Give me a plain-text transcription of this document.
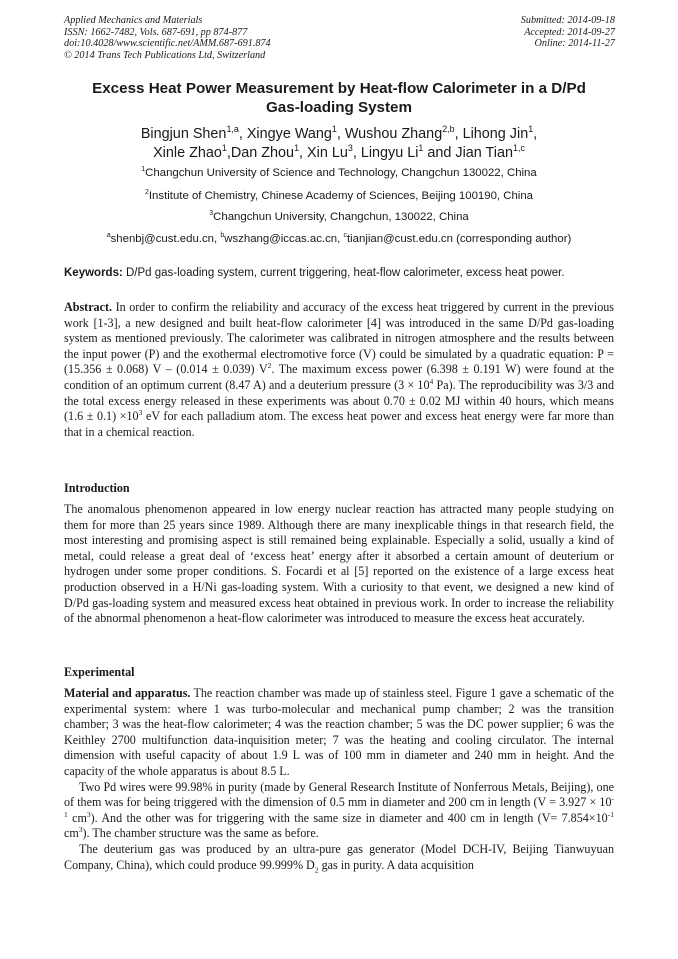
Applied Mechanics and Materials
ISSN: 1662-7482, Vols. 687-691, pp 874-877
doi:10.4028/www.scientific.net/AMM.687-691.874
© 2014 Trans Tech Publications Ltd, Switzerland
Submitted: 2014-09-18
Accepted: 2014-09-27
Online: 2014-11-27
Excess Heat Power Measurement by Heat-flow Calorimeter in a D/Pd
Gas-loading System
Bingjun Shen$^{1,a}$, Xingye Wang$^1$, Wushou Zhang$^{2,b}$, Lihong Jin$^1$,
Xinle Zhao$^1$,Dan Zhou$^1$, Xin Lu$^3$, Lingyu Li$^1$ and Jian Tian$^{1,c}$
$^1$Changchun University of Science and Technology, Changchun 130022, China
$^2$Institute of Chemistry, Chinese Academy of Sciences, Beijing 100190, China
$^3$Changchun University, Changchun, 130022, China
$^a$shenbj@cust.edu.cn, $^b$wszhang@iccas.ac.cn, $^c$tianjian@cust.edu.cn (corresponding author)
Keywords: D/Pd gas-loading system, current triggering, heat-flow calorimeter, excess heat power.

Abstract. In order to confirm the reliability and accuracy of the excess heat triggered by current in the previous work [1-3], a new designed and built heat-flow calorimeter [4] was introduced in the same D/Pd gas-loading system as mentioned previously. The calorimeter was calibrated in nitrogen atmosphere and the results between the input power (P) and the exothermal electromotive force (V) could be simulated by a quadratic equation: P = (15.356 ± 0.068) V – (0.014 ± 0.039) $V^2$. The maximum excess power (6.398 ± 0.191 W) were found at the condition of an optimum current (8.47 A) and a deuterium pressure ($3 \times 10^4$ Pa). The reproducibility was 3/3 and the total excess energy released in these experiments was about 0.70 ± 0.02 MJ within 40 hours, which means $(1.6 \pm 0.1) \times 10^3$ eV for each palladium atom. The excess heat power and excess heat energy were far more than that in a chemical reaction.

Introduction

The anomalous phenomenon appeared in low energy nuclear reaction has attracted many people studying on them for more than 25 years since 1989. Although there are many inexplicable things in that research field, the most interesting and promising aspect is still remained being explainable. Especially a solid, usually a kind of metal, could release a great deal of ‘excess heat’ energy after it absorbed a certain amount of deuterium or hydrogen under some proper conditions. S. Focardi et al [5] reported on the existence of a large excess heat production observed in a H/Ni gas-loading system. With a curiosity to that event, we designed a new kind of D/Pd gas-loading system and measured excess heat obtained in previous work. In order to increase the reliability of the abnormal phenomenon a heat-flow calorimeter was introduced to measure the excess heat accurately.

Experimental

Material and apparatus. The reaction chamber was made up of stainless steel. Figure 1 gave a schematic of the experimental system: where 1 was turbo-molecular and mechanical pump chamber; 2 was the transition chamber; 3 was the heat-flow calorimeter; 4 was the reaction chamber; 5 was the DC power supplier; 6 was the Keithley 2700 multifunction data-inquisition meter; 7 was the heating and cooling circulator. The internal dimension with useful capacity of about 1.9 L was of 100 mm in diameter and 240 mm in height. And the capacity of the whole apparatus is about 8.5 L.

Two Pd wires were 99.98% in purity (made by General Research Institute of Nonferrous Metals, Beijing), one of them was for being triggered with the dimension of 0.5 mm in diameter and 200 cm in length ($V = 3.927 \times 10^{-1}$ $cm^3$). And the other was for triggering with the same size in diameter and 400 cm in length ($V= 7.854\times 10^{-1}$ $cm^3$). The chamber structure was the same as before.

The deuterium gas was produced by an ultra-pure gas generator (Model DCH-IV, Beijing Tianwuyuan Company, China), which could produce 99.999% $D_2$ gas in purity. A data acquisition
